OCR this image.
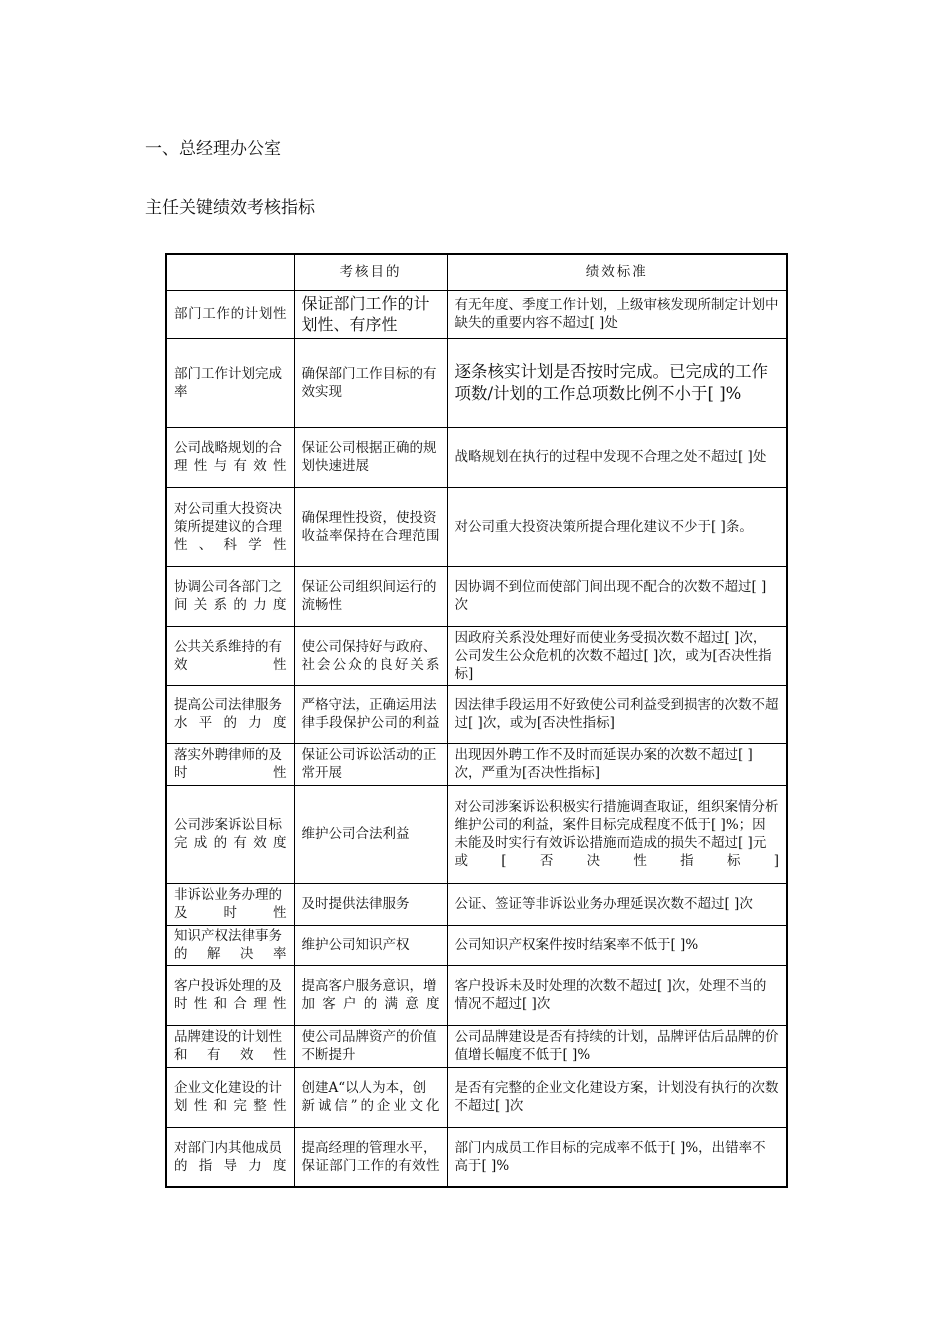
一、总经理办公室
主任关键绩效考核指标
	考核目的	绩效标准
部门工作的计划性	保证部门工作的计划性、有序性	有无年度、季度工作计划，上级审核发现所制定计划中缺失的重要内容不超过[ ]处
部门工作计划完成率	确保部门工作目标的有效实现	逐条核实计划是否按时完成。已完成的工作项数/计划的工作总项数比例不小于[ ]%
公司战略规划的合理性与有效性	保证公司根据正确的规划快速进展	战略规划在执行的过程中发现不合理之处不超过[ ]处
对公司重大投资决策所提建议的合理性、科学性	确保理性投资，使投资收益率保持在合理范围	对公司重大投资决策所提合理化建议不少于[ ]条。
协调公司各部门之间关系的力度	保证公司组织间运行的流畅性	因协调不到位而使部门间出现不配合的次数不超过[ ]次
公共关系维持的有效性	使公司保持好与政府、社会公众的良好关系	因政府关系没处理好而使业务受损次数不超过[ ]次，公司发生公众危机的次数不超过[ ]次，或为[否决性指标]
提高公司法律服务水平的力度	严格守法，正确运用法律手段保护公司的利益	因法律手段运用不好致使公司利益受到损害的次数不超过[ ]次，或为[否决性指标]
落实外聘律师的及时性	保证公司诉讼活动的正常开展	出现因外聘工作不及时而延误办案的次数不超过[ ]次，严重为[否决性指标]
公司涉案诉讼目标完成的有效度	维护公司合法利益	对公司涉案诉讼积极实行措施调查取证，组织案情分析维护公司的利益，案件目标完成程度不低于[ ]%；因未能及时实行有效诉讼措施而造成的损失不超过[ ]元或[否决性指标]
非诉讼业务办理的及时性	及时提供法律服务	公证、签证等非诉讼业务办理延误次数不超过[ ]次
知识产权法律事务的解决率	维护公司知识产权	公司知识产权案件按时结案率不低于[ ]%
客户投诉处理的及时性和合理性	提高客户服务意识，增加客户的满意度	客户投诉未及时处理的次数不超过[ ]次，处理不当的情况不超过[ ]次
品牌建设的计划性和有效性	使公司品牌资产的价值不断提升	公司品牌建设是否有持续的计划，品牌评估后品牌的价值增长幅度不低于[ ]%
企业文化建设的计划性和完整性	创建A“以人为本，创新诚信”的企业文化	是否有完整的企业文化建设方案，计划没有执行的次数不超过[ ]次
对部门内其他成员的指导力度	提高经理的管理水平，保证部门工作的有效性	部门内成员工作目标的完成率不低于[ ]%，出错率不高于[ ]%
